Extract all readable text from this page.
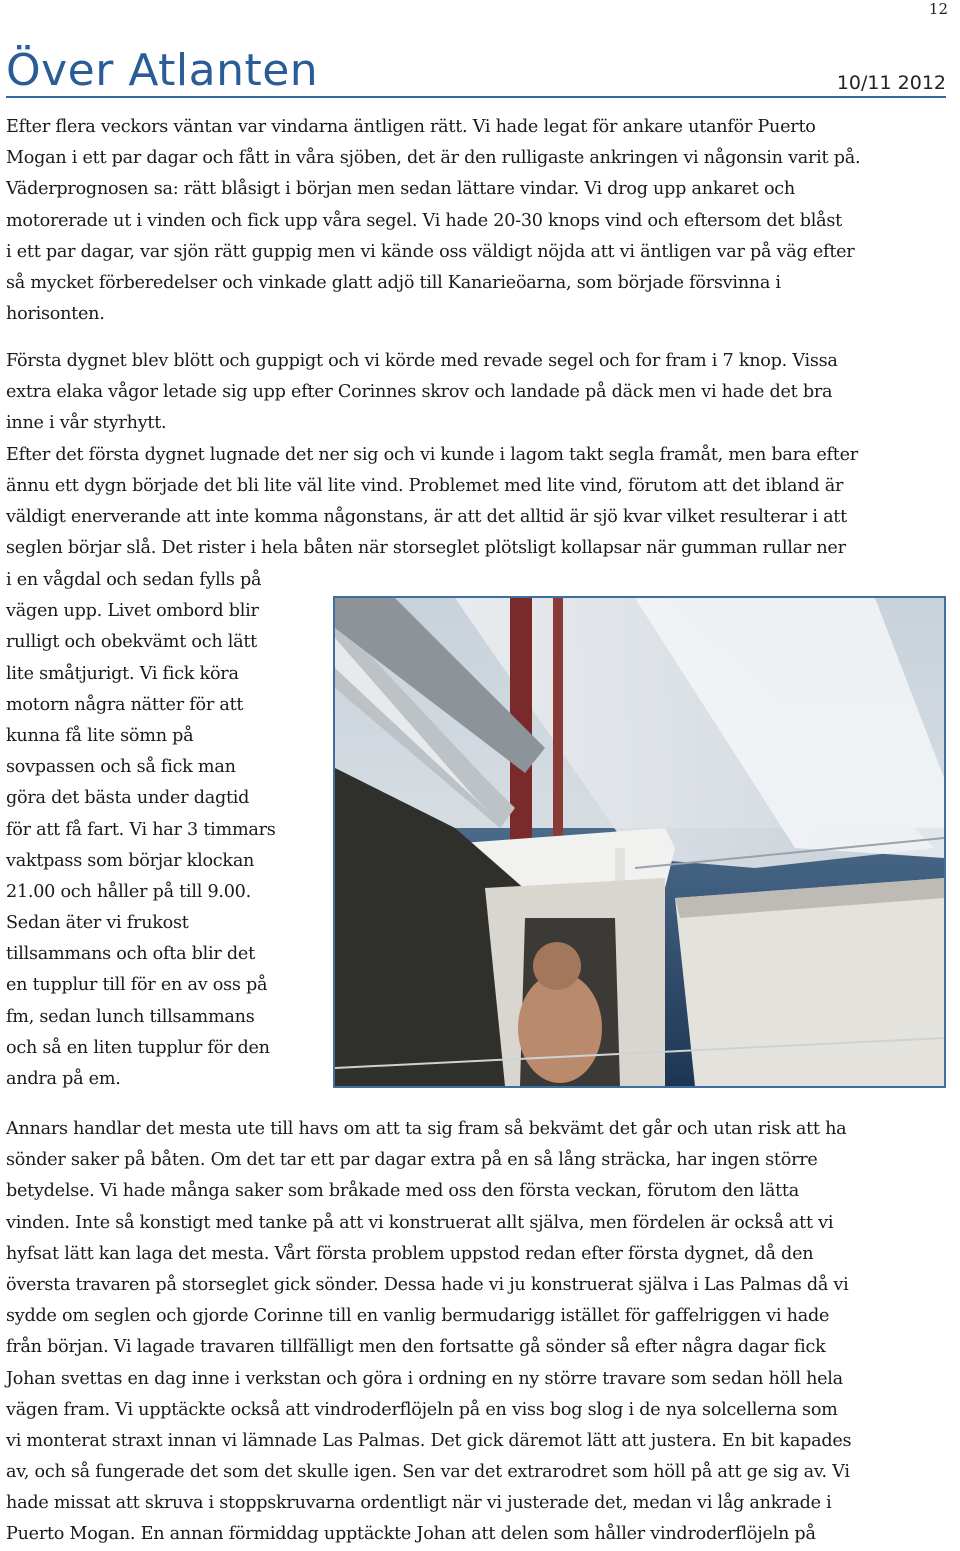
12
Över Atlanten	10/11 2012
Efter flera veckors väntan var vindarna äntligen rätt. Vi hade legat för ankare utanför Puerto
Mogan i ett par dagar och fått in våra sjöben, det är den rulligaste ankringen vi någonsin varit på.
Väderprognosen sa: rätt blåsigt i början men sedan lättare vindar. Vi drog upp ankaret och
motorerade ut i vinden och fick upp våra segel. Vi hade 20-30 knops vind och eftersom det blåst
i ett par dagar, var sjön rätt guppig men vi kände oss väldigt nöjda att vi äntligen var på väg efter
så mycket förberedelser och vinkade glatt adjö till Kanarieöarna, som började försvinna i
horisonten.
Första dygnet blev blött och guppigt och vi körde med revade segel och for fram i 7 knop. Vissa
extra elaka vågor letade sig upp efter Corinnes skrov och landade på däck men vi hade det bra
inne i vår styrhytt.
Efter det första dygnet lugnade det ner sig och vi kunde i lagom takt segla framåt, men bara efter
ännu ett dygn började det bli lite väl lite vind. Problemet med lite vind, förutom att det ibland är
väldigt enerverande att inte komma någonstans, är att det alltid är sjö kvar vilket resulterar i att
seglen börjar slå. Det rister i hela båten när storseglet plötsligt kollapsar när gumman rullar ner
i en vågdal och sedan fylls på
vägen upp. Livet ombord blir
rulligt och obekvämt och lätt
lite småtjurigt. Vi fick köra
motorn några nätter för att
kunna få lite sömn på
sovpassen och så fick man
göra det bästa under dagtid
för att få fart. Vi har 3 timmars
vaktpass som börjar klockan
21.00 och håller på till 9.00.
Sedan äter vi frukost
tillsammans och ofta blir det
en tupplur till för en av oss på
fm, sedan lunch tillsammans
och så en liten tupplur för den
andra på em.
Annars handlar det mesta ute till havs om att ta sig fram så bekvämt det går och utan risk att ha
sönder saker på båten. Om det tar ett par dagar extra på en så lång sträcka, har ingen större
betydelse. Vi hade många saker som bråkade med oss den första veckan, förutom den lätta
vinden. Inte så konstigt med tanke på att vi konstruerat allt själva, men fördelen är också att vi
hyfsat lätt kan laga det mesta. Vårt första problem uppstod redan efter första dygnet, då den
översta travaren på storseglet gick sönder. Dessa hade vi ju konstruerat själva i Las Palmas då vi
sydde om seglen och gjorde Corinne till en vanlig bermudarigg istället för gaffelriggen vi hade
från början. Vi lagade travaren tillfälligt men den fortsatte gå sönder så efter några dagar fick
Johan svettas en dag inne i verkstan och göra i ordning en ny större travare som sedan höll hela
vägen fram. Vi upptäckte också att vindroderflöjeln på en viss bog slog i de nya solcellerna som
vi monterat straxt innan vi lämnade Las Palmas. Det gick däremot lätt att justera. En bit kapades
av, och så fungerade det som det skulle igen. Sen var det extrarodret som höll på att ge sig av. Vi
hade missat att skruva i stoppskruvarna ordentligt när vi justerade det, medan vi låg ankrade i
Puerto Mogan. En annan förmiddag upptäckte Johan att delen som håller vindroderflöjeln på
